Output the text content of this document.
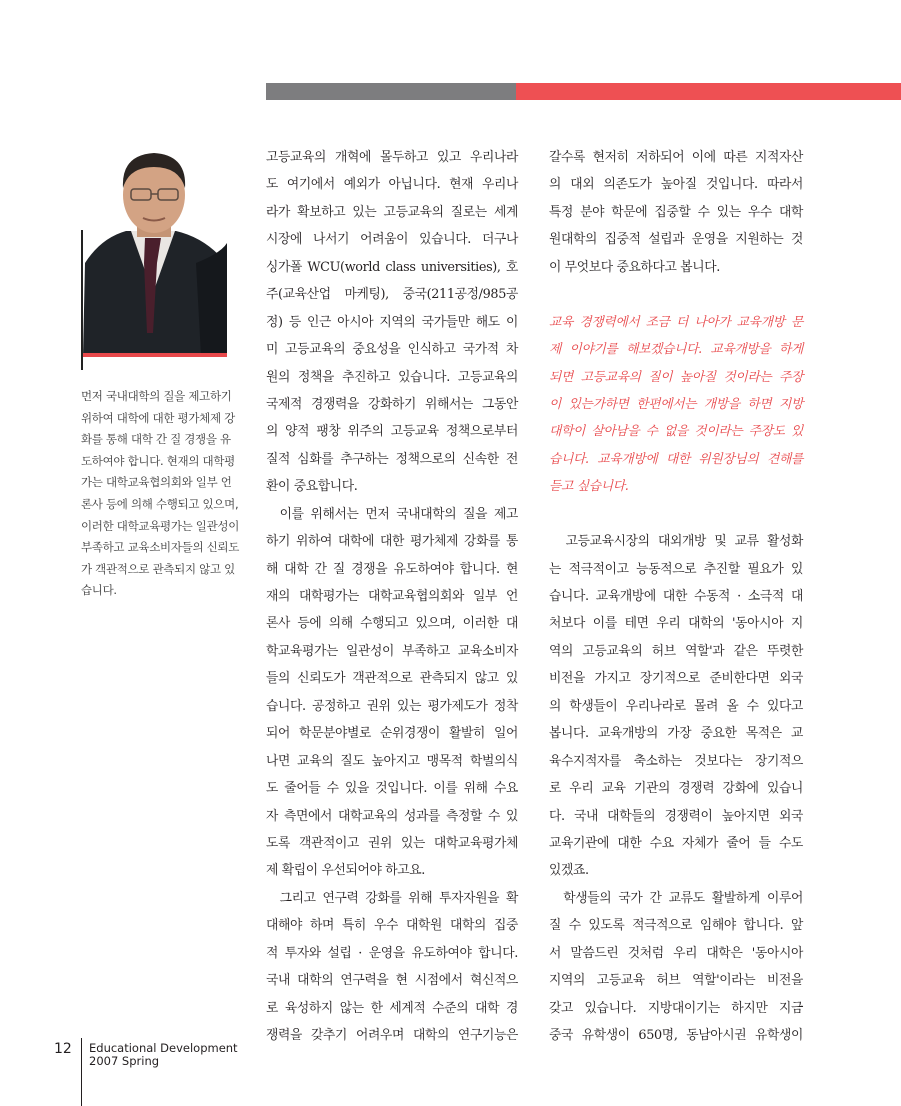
먼저 국내대학의 질을 제고하기
위하여 대학에 대한 평가체제 강
화를 통해 대학 간 질 경쟁을 유
도하여야 합니다. 현재의 대학평
가는 대학교육협의회와 일부 언
론사 등에 의해 수행되고 있으며,
이러한 대학교육평가는 일관성이
부족하고 교육소비자들의 신뢰도
가 객관적으로 관측되지 않고 있
습니다.
고등교육의 개혁에 몰두하고 있고 우리나라
도 여기에서 예외가 아닙니다. 현재 우리나
라가 확보하고 있는 고등교육의 질로는 세계
시장에 나서기 어려움이 있습니다. 더구나
싱가폴 WCU(world class universities), 호
주(교육산업 마케팅), 중국(211공정/985공
정) 등 인근 아시아 지역의 국가들만 해도 이
미 고등교육의 중요성을 인식하고 국가적 차
원의 정책을 추진하고 있습니다. 고등교육의
국제적 경쟁력을 강화하기 위해서는 그동안
의 양적 팽창 위주의 고등교육 정책으로부터
질적 심화를 추구하는 정책으로의 신속한 전
환이 중요합니다.
이를 위해서는 먼저 국내대학의 질을 제고
하기 위하여 대학에 대한 평가체제 강화를 통
해 대학 간 질 경쟁을 유도하여야 합니다. 현
재의 대학평가는 대학교육협의회와 일부 언
론사 등에 의해 수행되고 있으며, 이러한 대
학교육평가는 일관성이 부족하고 교육소비자
들의 신뢰도가 객관적으로 관측되지 않고 있
습니다. 공정하고 권위 있는 평가제도가 정착
되어 학문분야별로 순위경쟁이 활발히 일어
나면 교육의 질도 높아지고 맹목적 학벌의식
도 줄어들 수 있을 것입니다. 이를 위해 수요
자 측면에서 대학교육의 성과를 측정할 수 있
도록 객관적이고 권위 있는 대학교육평가체
제 확립이 우선되어야 하고요.
그리고 연구력 강화를 위해 투자자원을 확
대해야 하며 특히 우수 대학원 대학의 집중
적 투자와 설립 · 운영을 유도하여야 합니다.
국내 대학의 연구력을 현 시점에서 혁신적으
로 육성하지 않는 한 세계적 수준의 대학 경
쟁력을 갖추기 어려우며 대학의 연구기능은
갈수록 현저히 저하되어 이에 따른 지적자산
의 대외 의존도가 높아질 것입니다. 따라서
특정 분야 학문에 집중할 수 있는 우수 대학
원대학의 집중적 설립과 운영을 지원하는 것
이 무엇보다 중요하다고 봅니다.
교육 경쟁력에서 조금 더 나아가 교육개방 문
제 이야기를 해보겠습니다. 교육개방을 하게
되면 고등교육의 질이 높아질 것이라는 주장
이 있는가하면 한편에서는 개방을 하면 지방
대학이 살아남을 수 없을 것이라는 주장도 있
습니다. 교육개방에 대한 위원장님의 견해를
듣고 싶습니다.
고등교육시장의 대외개방 및 교류 활성화
는 적극적이고 능동적으로 추진할 필요가 있
습니다. 교육개방에 대한 수동적 · 소극적 대
처보다 이를 테면 우리 대학의 '동아시아 지
역의 고등교육의 허브 역할'과 같은 뚜렷한
비전을 가지고 장기적으로 준비한다면 외국
의 학생들이 우리나라로 몰려 올 수 있다고
봅니다. 교육개방의 가장 중요한 목적은 교
육수지적자를 축소하는 것보다는 장기적으
로 우리 교육 기관의 경쟁력 강화에 있습니
다. 국내 대학들의 경쟁력이 높아지면 외국
교육기관에 대한 수요 자체가 줄어 들 수도
있겠죠.
학생들의 국가 간 교류도 활발하게 이루어
질 수 있도록 적극적으로 임해야 합니다. 앞
서 말씀드린 것처럼 우리 대학은 '동아시아
지역의 고등교육 허브 역할'이라는 비전을
갖고 있습니다. 지방대이기는 하지만 지금
중국 유학생이 650명, 동남아시권 유학생이
12 Educational Development
2007 Spring
